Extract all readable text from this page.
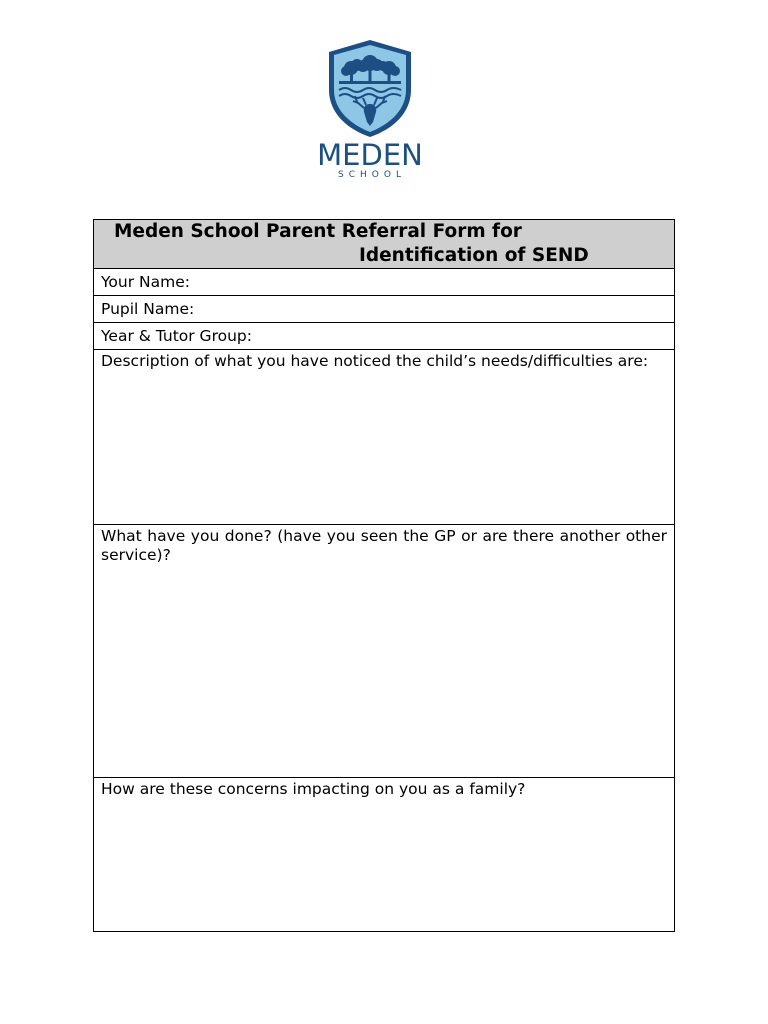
MEDEN
SCHOOL
Meden School Parent Referral Form for
Identification of SEND

Your Name:

Pupil Name:

Year & Tutor Group:

Description of what you have noticed the child’s needs/difficulties are:

What have you done? (have you seen the GP or are there another other service)?

How are these concerns impacting on you as a family?
